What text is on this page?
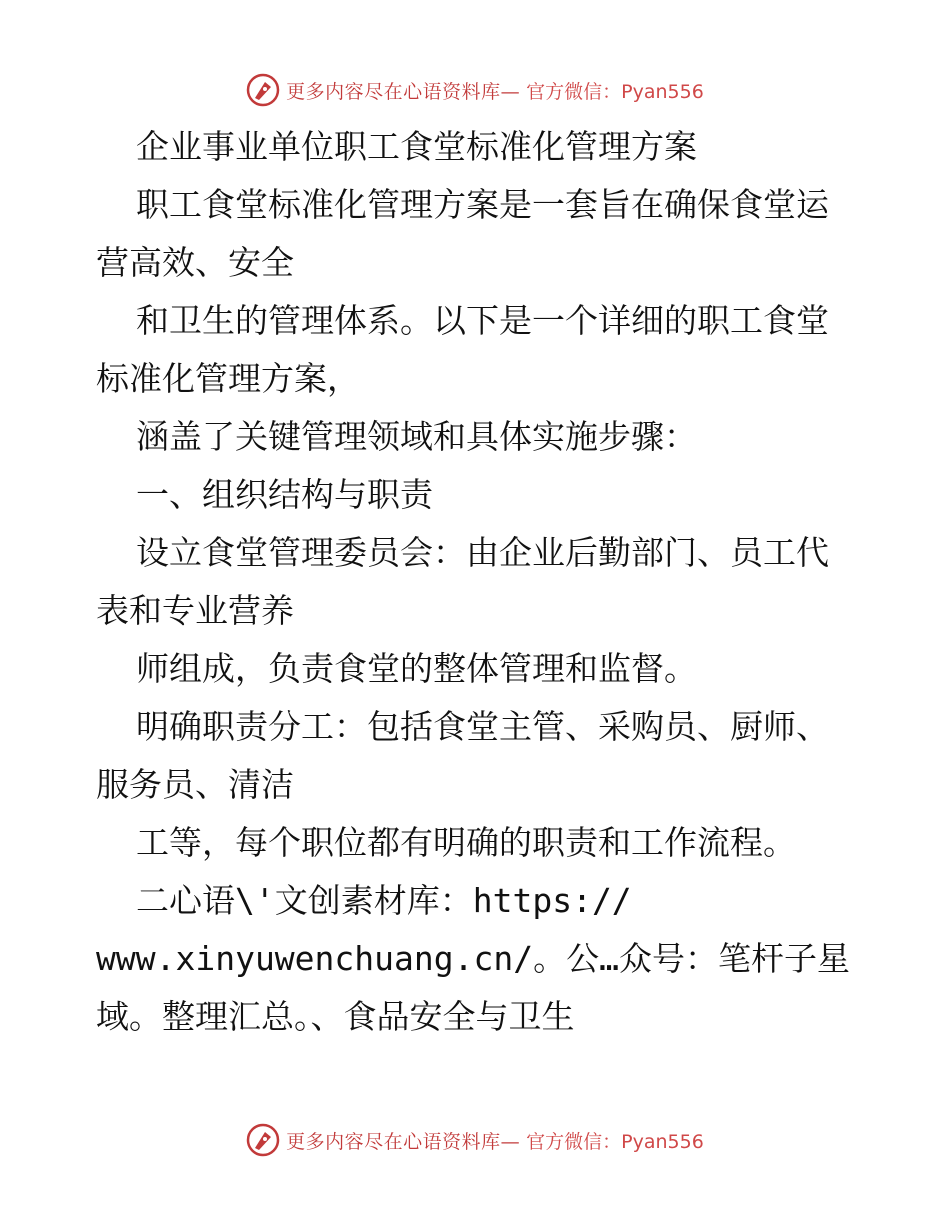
更多内容尽在心语资料库— 官方微信：Pyan556
企业事业单位职工食堂标准化管理方案
职工食堂标准化管理方案是一套旨在确保食堂运
营高效、安全
和卫生的管理体系。以下是一个详细的职工食堂
标准化管理方案，
涵盖了关键管理领域和具体实施步骤：
一、组织结构与职责
设立食堂管理委员会：由企业后勤部门、员工代
表和专业营养
师组成，负责食堂的整体管理和监督。
明确职责分工：包括食堂主管、采购员、厨师、
服务员、清洁
工等，每个职位都有明确的职责和工作流程。
二心语\'文创素材库：https://
www.xinyuwenchuang.cn/。公…众号：笔杆子星
域。整理汇总。、食品安全与卫生
更多内容尽在心语资料库— 官方微信：Pyan556
